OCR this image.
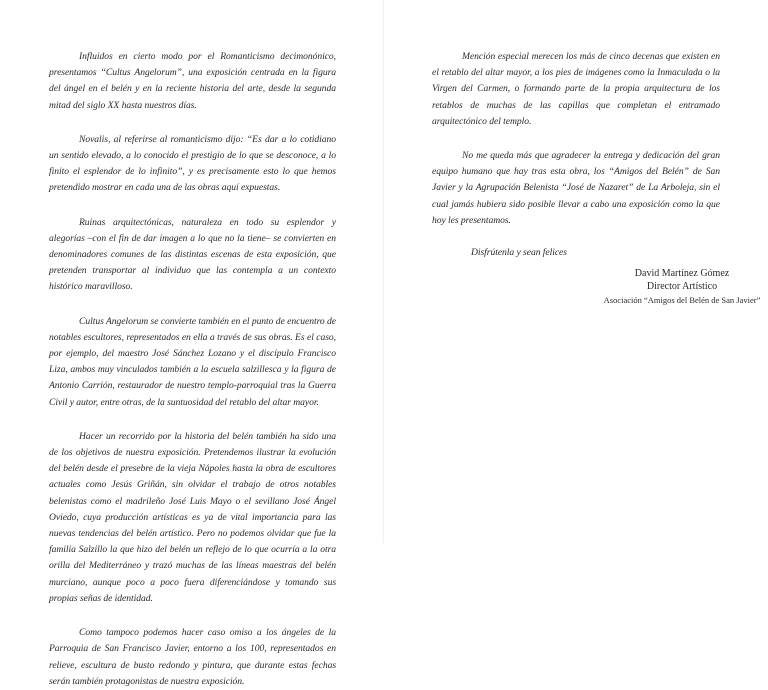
Influidos en cierto modo por el Romanticismo decimonónico, presentamos “Cultus Angelorum”, una exposición centrada en la figura del ángel en el belén y en la reciente historia del arte, desde la segunda mitad del siglo XX hasta nuestros días.

Novalis, al referirse al romanticismo dijo: “Es dar a lo cotidiano un sentido elevado, a lo conocido el prestigio de lo que se desconoce, a lo finito el esplendor de lo infinito”, y es precisamente esto lo que hemos pretendido mostrar en cada una de las obras aquí expuestas.

Ruinas arquitectónicas, naturaleza en todo su esplendor y alegorías –con el fin de dar imagen a lo que no la tiene– se convierten en denominadores comunes de las distintas escenas de esta exposición, que pretenden transportar al individuo que las contempla a un contexto histórico maravilloso.

Cultus Angelorum se convierte también en el punto de encuentro de notables escultores, representados en ella a través de sus obras. Es el caso, por ejemplo, del maestro José Sánchez Lozano y el discípulo Francisco Liza, ambos muy vinculados también a la escuela salzillesca y la figura de Antonio Carrión, restaurador de nuestro templo-parroquial tras la Guerra Civil y autor, entre otras, de la suntuosidad del retablo del altar mayor.

Hacer un recorrido por la historia del belén también ha sido una de los objetivos de nuestra exposición. Pretendemos ilustrar la evolución del belén desde el presebre de la vieja Nápoles hasta la obra de escultores actuales como Jesús Griñán, sin olvidar el trabajo de otros notables belenistas como el madrileño José Luis Mayo o el sevillano José Ángel Oviedo, cuya producción artísticas es ya de vital importancia para las nuevas tendencias del belén artístico. Pero no podemos olvidar que fue la familia Salzillo la que hizo del belén un reflejo de lo que ocurría a la otra orilla del Mediterráneo y trazó muchas de las líneas maestras del belén murciano, aunque poco a poco fuera diferenciándose y tomando sus propias señas de identidad.

Como tampoco podemos hacer caso omiso a los ángeles de la Parroquia de San Francisco Javier, entorno a los 100, representados en relieve, escultura de busto redondo y pintura, que durante estas fechas serán también protagonistas de nuestra exposición.

Mención especial merecen los más de cinco decenas que existen en el retablo del altar mayor, a los pies de imágenes como la Inmaculada o la Virgen del Carmen, o formando parte de la propia arquitectura de los retablos de muchas de las capillas que completan el entramado arquitectónico del templo.

No me queda más que agradecer la entrega y dedicación del gran equipo humano que hay tras esta obra, los “Amigos del Belén” de San Javier y la Agrupación Belenista “José de Nazaret” de La Arboleja, sin el cual jamás hubiera sido posible llevar a cabo una exposición como la que hoy les presentamos.

Disfrútenla y sean felices

David Martínez Gómez
Director Artístico
Asociación “Amigos del Belén de San Javier”
